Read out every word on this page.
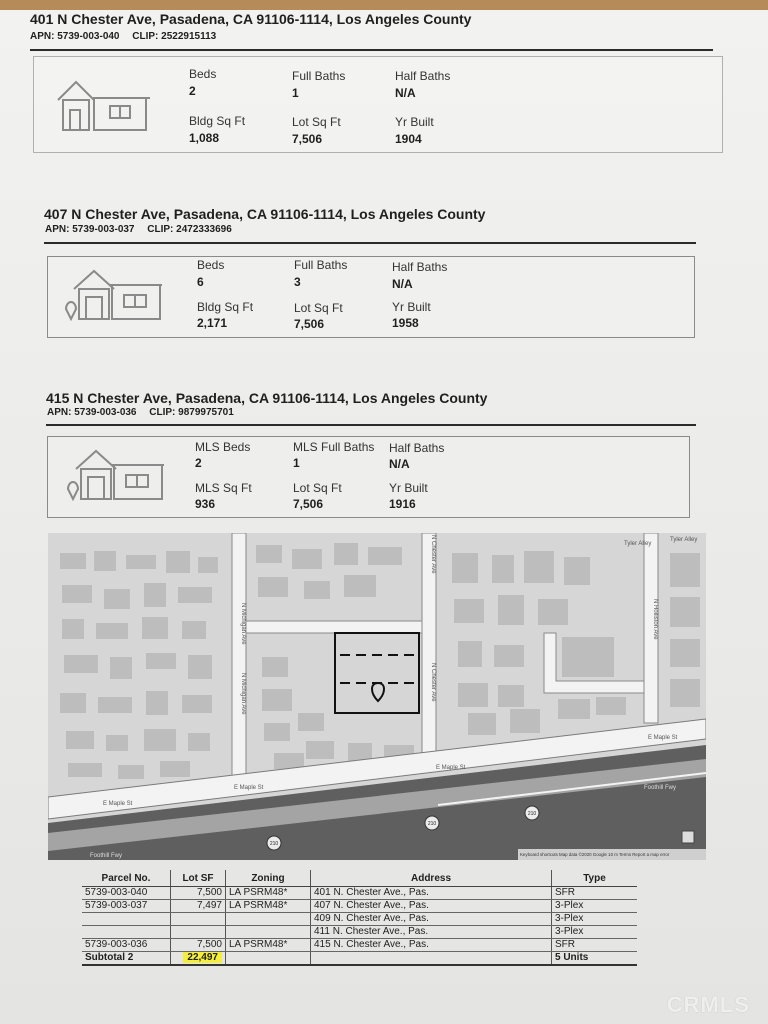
401 N Chester Ave, Pasadena, CA 91106-1114, Los Angeles County
APN: 5739-003-040 CLIP: 2522915113
Beds
2
Full Baths
1
Half Baths
N/A
Bldg Sq Ft
1,088
Lot Sq Ft
7,506
Yr Built
1904
407 N Chester Ave, Pasadena, CA 91106-1114, Los Angeles County
APN: 5739-003-037 CLIP: 2472333696
Beds
6
Full Baths
3
Half Baths
N/A
Bldg Sq Ft
2,171
Lot Sq Ft
7,506
Yr Built
1958
415 N Chester Ave, Pasadena, CA 91106-1114, Los Angeles County
APN: 5739-003-036 CLIP: 9879975701
MLS Beds
2
MLS Full Baths
1
Half Baths
N/A
MLS Sq Ft
936
Lot Sq Ft
7,506
Yr Built
1916
E Maple St
E Maple St
E Maple St
E Maple St
Foothill Fwy
Foothill Fwy
Tyler Alley
Tyler Alley
N Michigan Ave
N Michigan Ave
N Chester Ave
N Chester Ave
N Holliston Ave
210
210
210
Keyboard shortcuts Map data ©2020 Google 10 m Terms Report a map error
Parcel No.	Lot SF	Zoning	Address	Type
5739-003-040	7,500	LA PSRM48*	401 N. Chester Ave., Pas.	SFR
5739-003-037	7,497	LA PSRM48*	407 N. Chester Ave., Pas.	3-Plex
			409 N. Chester Ave., Pas.	3-Plex
			411 N. Chester Ave., Pas.	3-Plex
5739-003-036	7,500	LA PSRM48*	415 N. Chester Ave., Pas.	SFR
Subtotal 2	22,497			5 Units
CRMLS
